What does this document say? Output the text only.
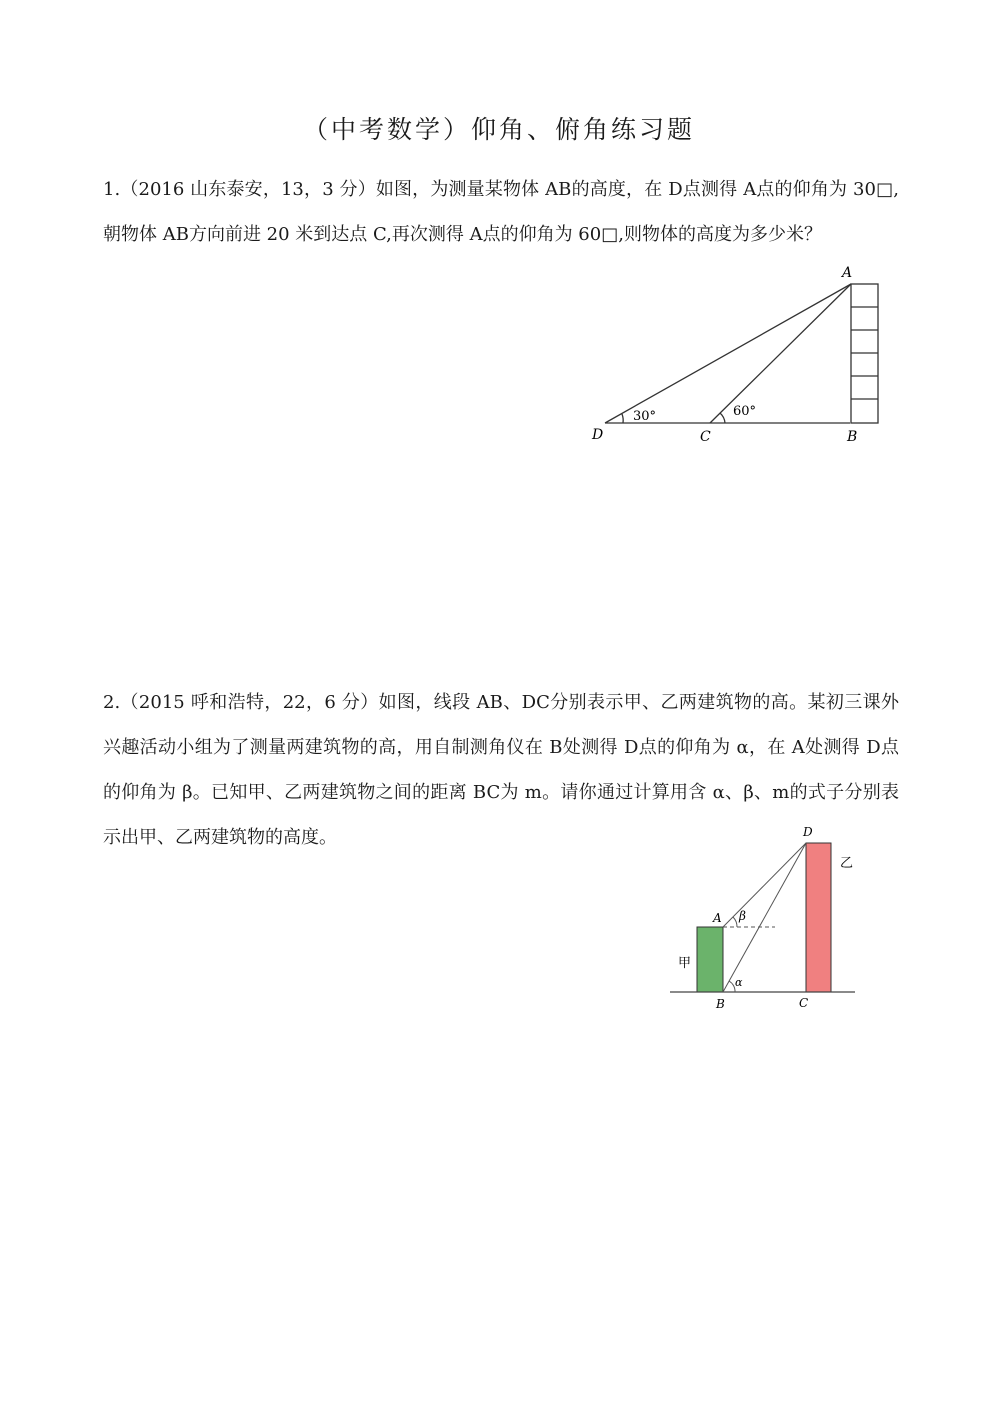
（中考数学）仰角、俯角练习题

1.（2016 山东泰安，13，3 分）如图，为测量某物体 AB的高度，在 D点测得 A点的仰角为 30□,朝物体 AB方向前进 20 米到达点 C,再次测得 A点的仰角为 60□,则物体的高度为多少米？

A
B
C
D
30°	60°

2.（2015 呼和浩特，22，6 分）如图，线段 AB、DC分别表示甲、乙两建筑物的高。某初三课外兴趣活动小组为了测量两建筑物的高，用自制测角仪在 B处测得 D点的仰角为 α，在 A处测得 D点的仰角为 β。已知甲、乙两建筑物之间的距离 BC为 m。请你通过计算用含 α、β、m的式子分别表示出甲、乙两建筑物的高度。

甲
乙
A
B	C
D
β
α
